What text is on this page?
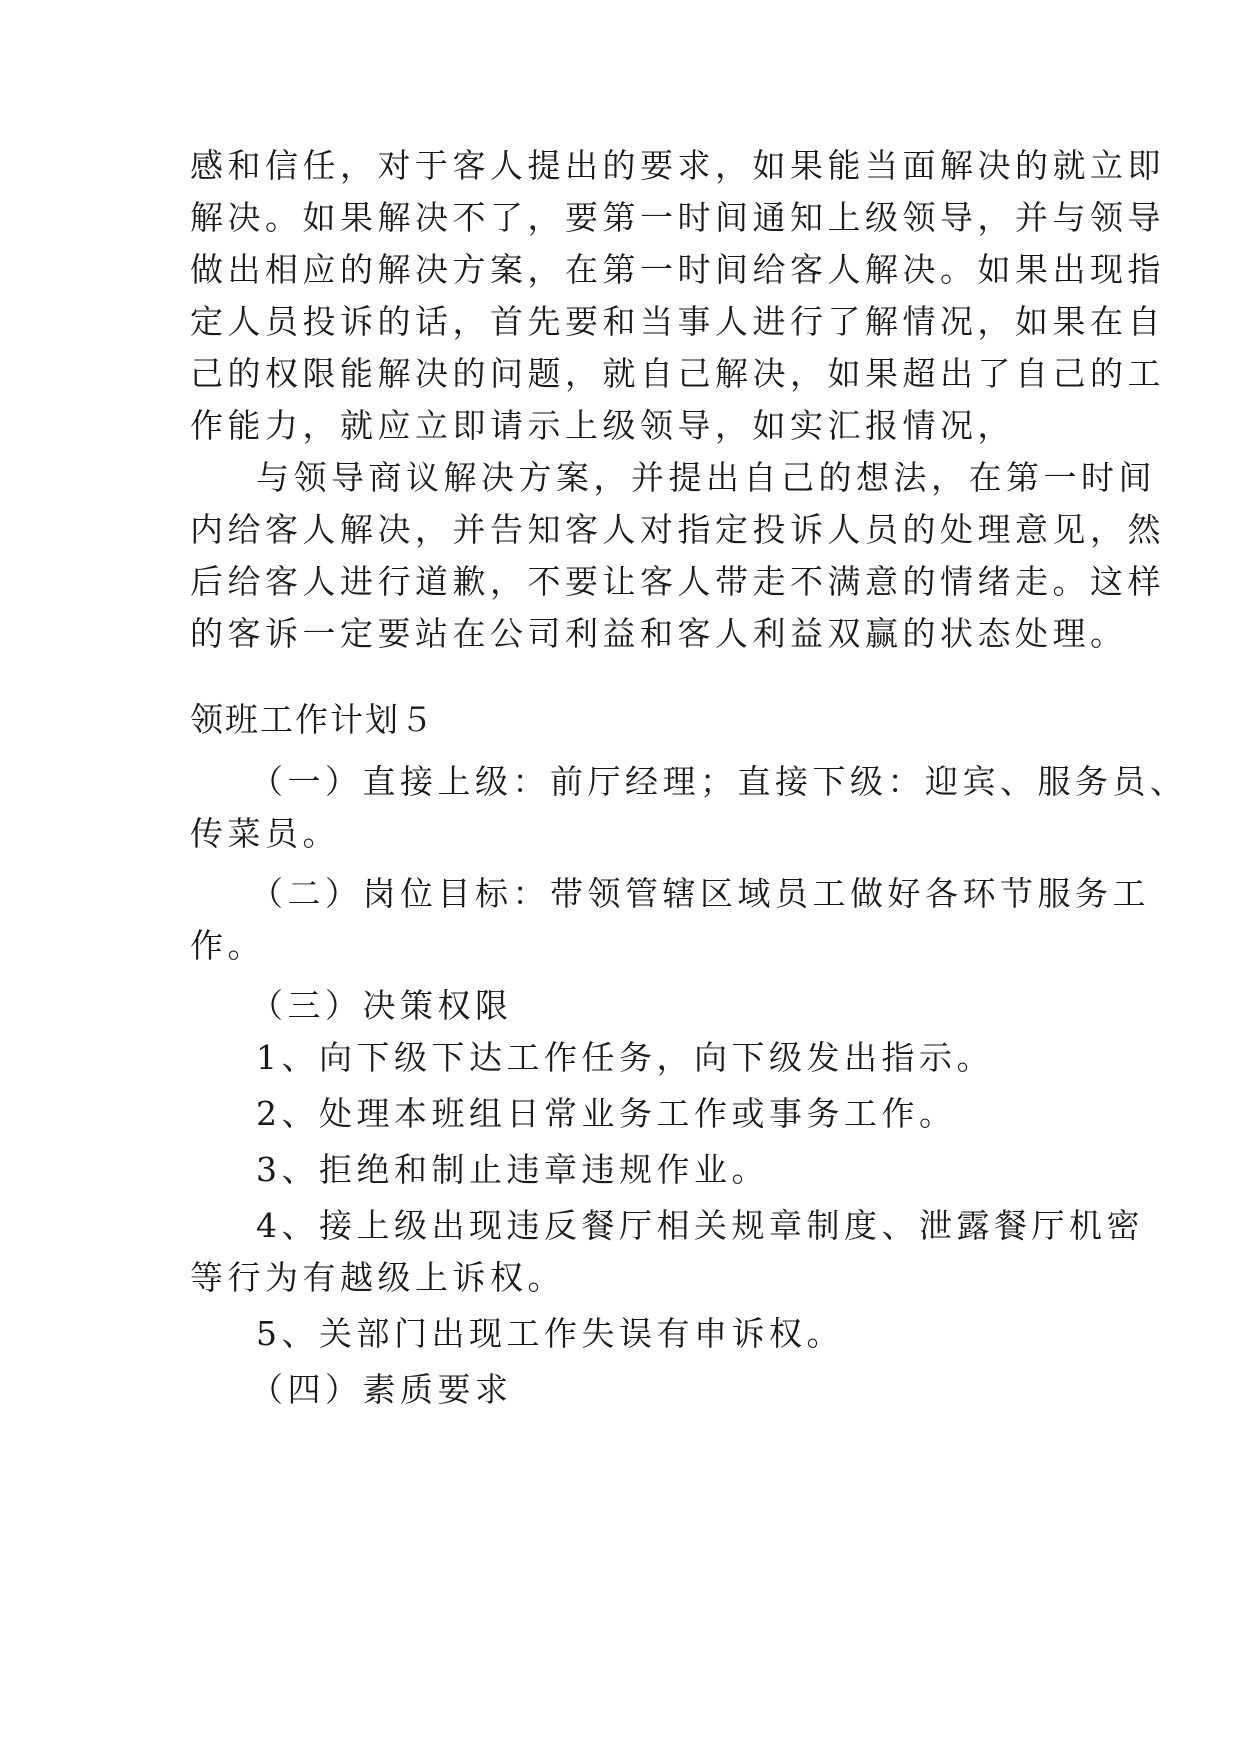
感和信任，对于客人提出的要求，如果能当面解决的就立即
解决。如果解决不了，要第一时间通知上级领导，并与领导
做出相应的解决方案，在第一时间给客人解决。如果出现指
定人员投诉的话，首先要和当事人进行了解情况，如果在自
己的权限能解决的问题，就自己解决，如果超出了自己的工
作能力，就应立即请示上级领导，如实汇报情况，
与领导商议解决方案，并提出自己的想法，在第一时间
内给客人解决，并告知客人对指定投诉人员的处理意见，然
后给客人进行道歉，不要让客人带走不满意的情绪走。这样
的客诉一定要站在公司利益和客人利益双赢的状态处理。
领班工作计划５
（一）直接上级：前厅经理；直接下级：迎宾、服务员、
传菜员。
（二）岗位目标：带领管辖区域员工做好各环节服务工
作。
（三）决策权限
1、向下级下达工作任务，向下级发出指示。
2、处理本班组日常业务工作或事务工作。
3、拒绝和制止违章违规作业。
4、接上级出现违反餐厅相关规章制度、泄露餐厅机密
等行为有越级上诉权。
5、关部门出现工作失误有申诉权。
（四）素质要求
